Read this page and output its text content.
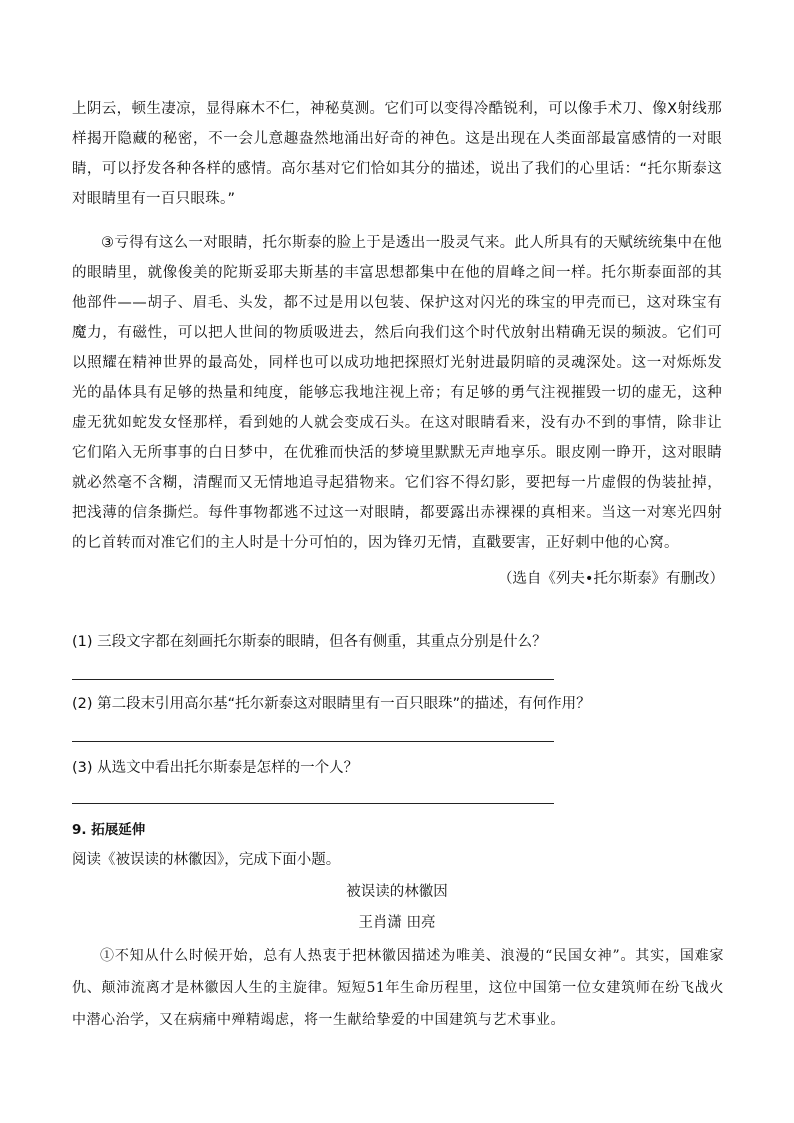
上阴云，顿生凄凉，显得麻木不仁，神秘莫测。它们可以变得冷酷锐利，可以像手术刀、像X射线那样揭开隐藏的秘密，不一会儿意趣盎然地涌出好奇的神色。这是出现在人类面部最富感情的一对眼睛，可以抒发各种各样的感情。高尔基对它们恰如其分的描述，说出了我们的心里话：“托尔斯泰这对眼睛里有一百只眼珠。”

③亏得有这么一对眼睛，托尔斯泰的脸上于是透出一股灵气来。此人所具有的天赋统统集中在他的眼睛里，就像俊美的陀斯妥耶夫斯基的丰富思想都集中在他的眉峰之间一样。托尔斯泰面部的其他部件——胡子、眉毛、头发，都不过是用以包装、保护这对闪光的珠宝的甲壳而已，这对珠宝有魔力，有磁性，可以把人世间的物质吸进去，然后向我们这个时代放射出精确无误的频波。它们可以照耀在精神世界的最高处，同样也可以成功地把探照灯光射进最阴暗的灵魂深处。这一对烁烁发光的晶体具有足够的热量和纯度，能够忘我地注视上帝；有足够的勇气注视摧毁一切的虚无，这种虚无犹如蛇发女怪那样，看到她的人就会变成石头。在这对眼睛看来，没有办不到的事情，除非让它们陷入无所事事的白日梦中，在优雅而快活的梦境里默默无声地享乐。眼皮刚一睁开，这对眼睛就必然毫不含糊，清醒而又无情地追寻起猎物来。它们容不得幻影，要把每一片虚假的伪装扯掉，把浅薄的信条撕烂。每件事物都逃不过这一对眼睛，都要露出赤裸裸的真相来。当这一对寒光四射的匕首转而对准它们的主人时是十分可怕的，因为锋刃无情，直戳要害，正好刺中他的心窝。

（选自《列夫•托尔斯泰》有删改）
(1) 三段文字都在刻画托尔斯泰的眼睛，但各有侧重，其重点分别是什么？
(2) 第二段末引用高尔基“托尔新泰这对眼睛里有一百只眼珠”的描述，有何作用？
(3) 从选文中看出托尔斯泰是怎样的一个人？
9. 拓展延伸
阅读《被误读的林徽因》，完成下面小题。
被误读的林徽因
王肖潇 田亮

①不知从什么时候开始，总有人热衷于把林徽因描述为唯美、浪漫的“民国女神”。其实，国难家仇、颠沛流离才是林徽因人生的主旋律。短短51年生命历程里，这位中国第一位女建筑师在纷飞战火中潜心治学，又在病痛中殚精竭虑，将一生献给挚爱的中国建筑与艺术事业。
